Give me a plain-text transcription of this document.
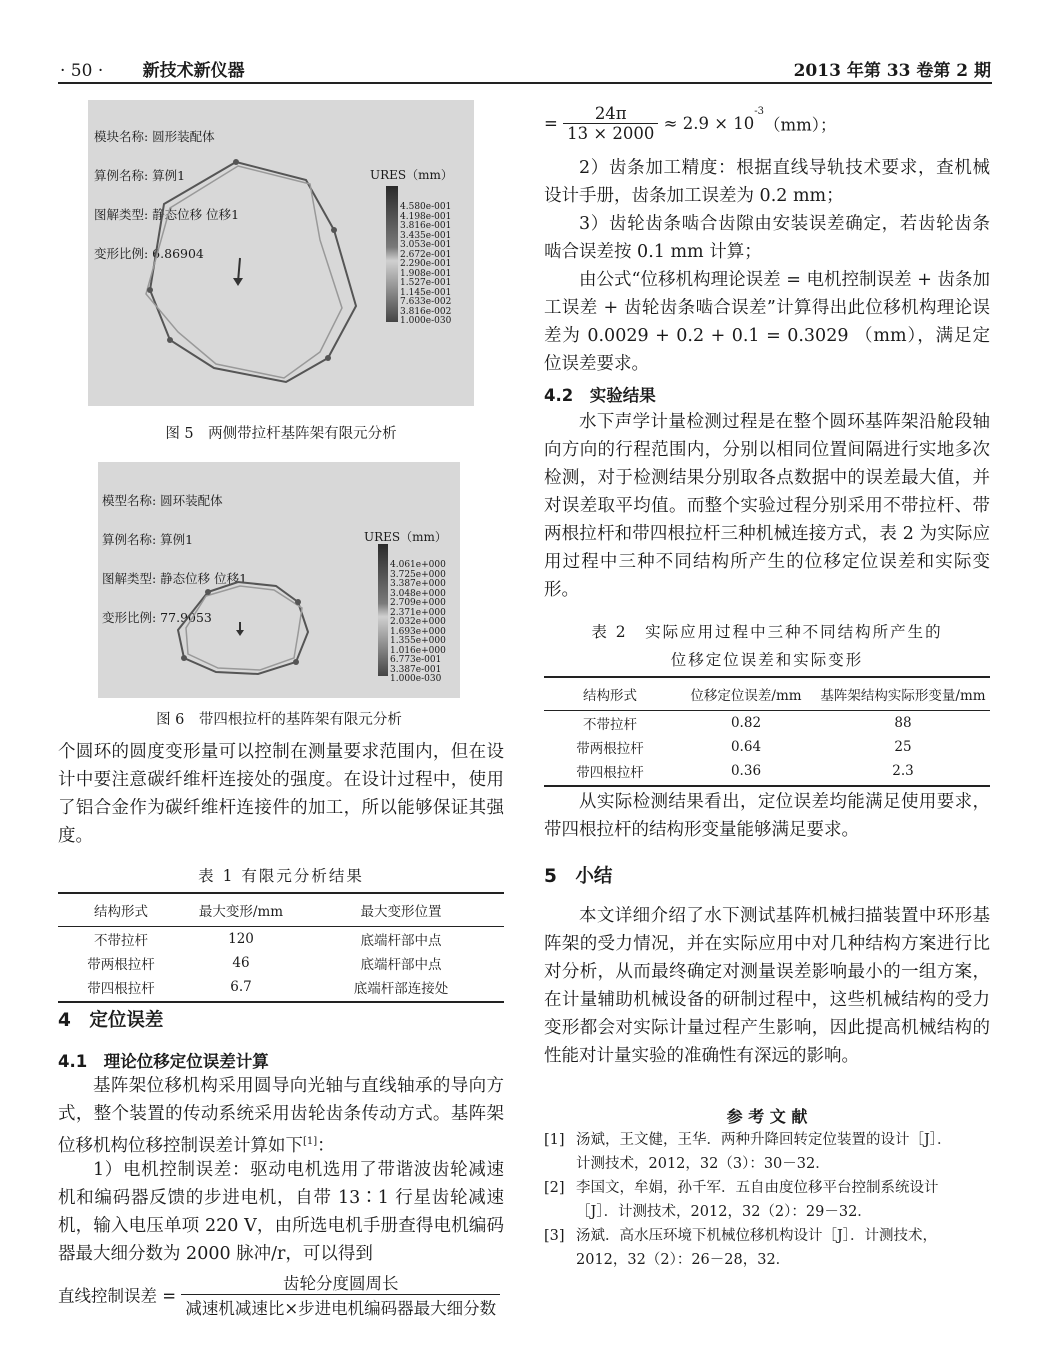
· 50 · 新技术新仪器	2013 年第 33 卷第 2 期

模块名称: 圆形装配体

算例名称: 算例1

图解类型: 静态位移 位移1

变形比例: 6.86904

URES（mm）

4.580e-001
4.198e-001
3.816e-001
3.435e-001
3.053e-001
2.672e-001
2.290e-001
1.908e-001
1.527e-001
1.145e-001
7.633e-002
3.816e-002
1.000e-030

图 5　两侧带拉杆基阵架有限元分析

模型名称: 圆环装配体

算例名称: 算例1

图解类型: 静态位移 位移1

变形比例: 77.9053

URES（mm）

4.061e+000
3.725e+000
3.387e+000
3.048e+000
2.709e+000
2.371e+000
2.032e+000
1.693e+000
1.355e+000
1.016e+000
6.773e-001
3.387e-001
1.000e-030

图 6　带四根拉杆的基阵架有限元分析

个圆环的圆度变形量可以控制在测量要求范围内，但在设计中要注意碳纤维杆连接处的强度。在设计过程中，使用了铝合金作为碳纤维杆连接件的加工，所以能够保证其强度。

表 1 有限元分析结果
结构形式	最大变形/mm	最大变形位置
不带拉杆	120	底端杆部中点
带两根拉杆	46	底端杆部中点
带四根拉杆	6.7	底端杆部连接处
4　定位误差
4.1　理论位移定位误差计算

基阵架位移机构采用圆导向光轴与直线轴承的导向方式，整个装置的传动系统采用齿轮齿条传动方式。基阵架位移机构位移控制误差计算如下[1]：

1）电机控制误差：驱动电机选用了带谐波齿轮减速机和编码器反馈的步进电机，自带 13∶1 行星齿轮减速机，输入电压单项 220 V，由所选电机手册查得电机编码器最大细分数为 2000 脉冲/r，可以得到

直线控制误差 = $\frac{\text{齿轮分度圆周长}}{\text{减速机减速比×步进电机编码器最大细分数}}$
= $\frac{24\pi}{13 \times 2000} \approx 2.9 \times 10^{-3}(mm)$；

2）齿条加工精度：根据直线导轨技术要求，查机械设计手册，齿条加工误差为 0.2 mm；

3）齿轮齿条啮合齿隙由安装误差确定，若齿轮齿条啮合误差按 0.1 mm 计算；

由公式“位移机构理论误差 = 电机控制误差 + 齿条加工误差 + 齿轮齿条啮合误差”计算得出此位移机构理论误差为 0.0029 + 0.2 + 0.1 = 0.3029 （mm），满足定位误差要求。

4.2　实验结果

水下声学计量检测过程是在整个圆环基阵架沿舱段轴向方向的行程范围内，分别以相同位置间隔进行实地多次检测，对于检测结果分别取各点数据中的误差最大值，并对误差取平均值。而整个实验过程分别采用不带拉杆、带两根拉杆和带四根拉杆三种机械连接方式，表 2 为实际应用过程中三种不同结构所产生的位移定位误差和实际变形。

表 2　实际应用过程中三种不同结构所产生的
位移定位误差和实际变形
结构形式	位移定位误差/mm	基阵架结构实际形变量/mm
不带拉杆	0.82	88
带两根拉杆	0.64	25
带四根拉杆	0.36	2.3

从实际检测结果看出，定位误差均能满足使用要求，带四根拉杆的结构形变量能够满足要求。

5　小结

本文详细介绍了水下测试基阵机械扫描装置中环形基阵架的受力情况，并在实际应用中对几种结构方案进行比对分析，从而最终确定对测量误差影响最小的一组方案，在计量辅助机械设备的研制过程中，这些机械结构的受力变形都会对实际计量过程产生影响，因此提高机械结构的性能对计量实验的准确性有深远的影响。

参 考 文 献
[1] 汤斌，王文健，王华．两种升降回转定位装置的设计［J］．
计测技术，2012，32（3）：30－32．
[2] 李国文，牟娟，孙千军．五自由度位移平台控制系统设计
［J］．计测技术，2012，32（2）：29－32．
[3] 汤斌．高水压环境下机械位移机构设计［J］．计测技术，
2012，32（2）：26－28，32．
